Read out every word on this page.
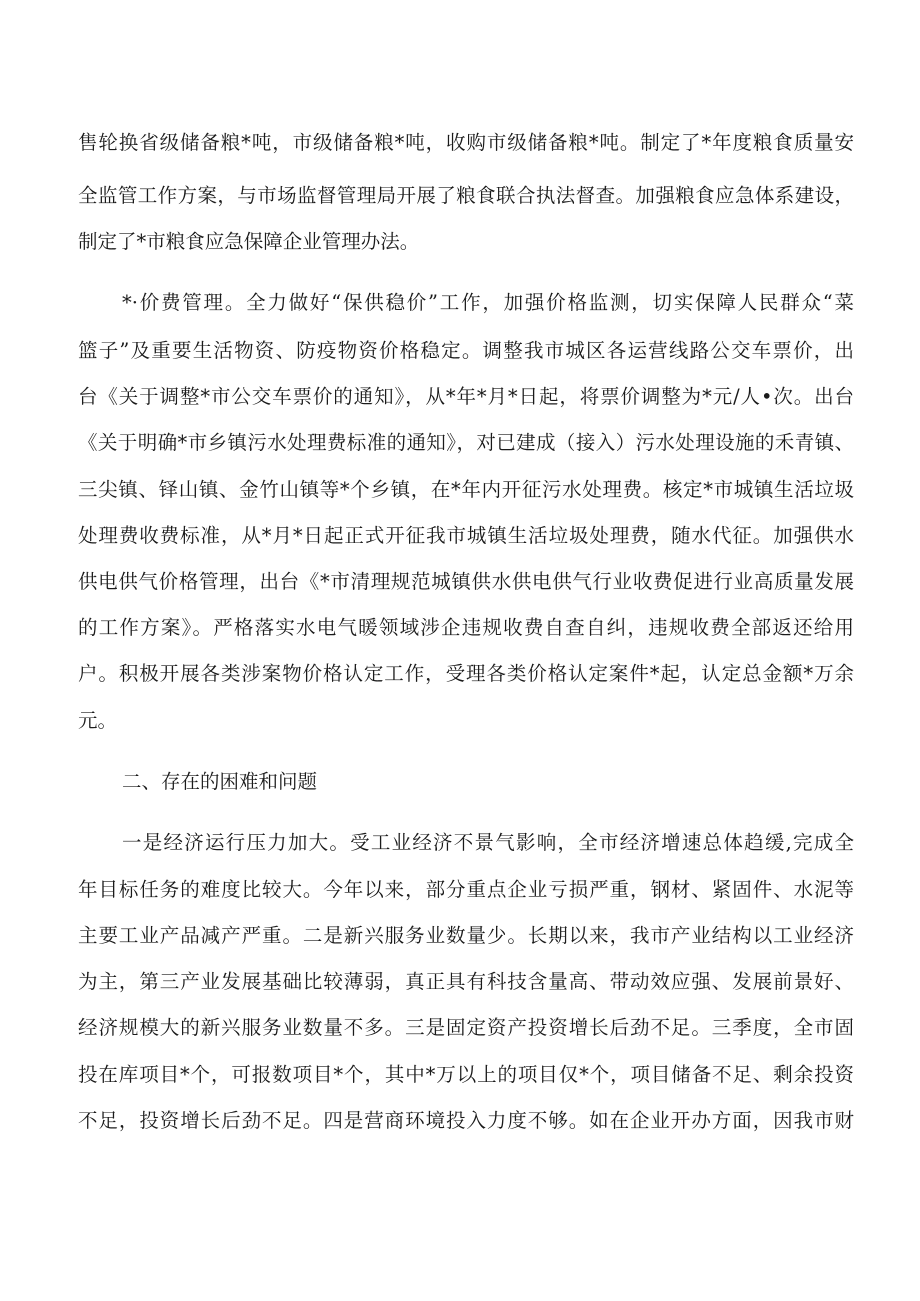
售轮换省级储备粮*吨，市级储备粮*吨，收购市级储备粮*吨。制定了*年度粮食质量安
全监管工作方案，与市场监督管理局开展了粮食联合执法督查。加强粮食应急体系建设，
制定了*市粮食应急保障企业管理办法。
*·价费管理。全力做好“保供稳价”工作，加强价格监测，切实保障人民群众“菜
篮子”及重要生活物资、防疫物资价格稳定。调整我市城区各运营线路公交车票价，出
台《关于调整*市公交车票价的通知》，从*年*月*日起，将票价调整为*元/人•次。出台
《关于明确*市乡镇污水处理费标准的通知》，对已建成（接入）污水处理设施的禾青镇、
三尖镇、铎山镇、金竹山镇等*个乡镇，在*年内开征污水处理费。核定*市城镇生活垃圾
处理费收费标准，从*月*日起正式开征我市城镇生活垃圾处理费，随水代征。加强供水
供电供气价格管理，出台《*市清理规范城镇供水供电供气行业收费促进行业高质量发展
的工作方案》。严格落实水电气暖领域涉企违规收费自查自纠，违规收费全部返还给用
户。积极开展各类涉案物价格认定工作，受理各类价格认定案件*起，认定总金额*万余
元。
二、存在的困难和问题
一是经济运行压力加大。受工业经济不景气影响，全市经济增速总体趋缓,完成全
年目标任务的难度比较大。今年以来，部分重点企业亏损严重，钢材、紧固件、水泥等
主要工业产品减产严重。二是新兴服务业数量少。长期以来，我市产业结构以工业经济
为主，第三产业发展基础比较薄弱，真正具有科技含量高、带动效应强、发展前景好、
经济规模大的新兴服务业数量不多。三是固定资产投资增长后劲不足。三季度，全市固
投在库项目*个，可报数项目*个，其中*万以上的项目仅*个，项目储备不足、剩余投资
不足，投资增长后劲不足。四是营商环境投入力度不够。如在企业开办方面，因我市财
